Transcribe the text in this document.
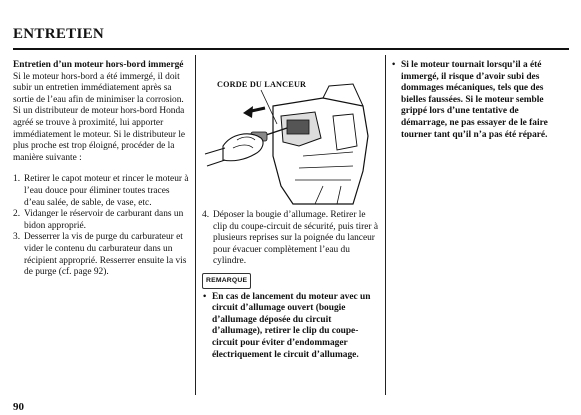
ENTRETIEN

Entretien d’un moteur hors-bord immergé

Si le moteur hors-bord a été immergé, il doit subir un entretien immédiatement après sa sortie de l’eau afin de minimiser la corrosion. Si un distributeur de moteur hors-bord Honda agréé se trouve à proximité, lui apporter immédiatement le moteur. Si le distributeur le plus proche est trop éloigné, procéder de la manière suivante :

1. Retirer le capot moteur et rincer le moteur à l’eau douce pour éliminer toutes traces d’eau salée, de sable, de vase, etc.
2. Vidanger le réservoir de carburant dans un bidon approprié.
3. Desserrer la vis de purge du carburateur et vider le contenu du carburateur dans un récipient approprié. Resserrer ensuite la vis de purge (cf. page 92).
CORDE DU LANCEUR
4. Déposer la bougie d’allumage. Retirer le clip du coupe-circuit de sécurité, puis tirer à plusieurs reprises sur la poignée du lanceur pour évacuer complètement l’eau du cylindre.
REMARQUE
• En cas de lancement du moteur avec un circuit d’allumage ouvert (bougie d’allumage déposée du circuit d’allumage), retirer le clip du coupe-circuit pour éviter d’endommager électriquement le circuit d’allumage.
• Si le moteur tournait lorsqu’il a été immergé, il risque d’avoir subi des dommages mécaniques, tels que des bielles faussées. Si le moteur semble grippé lors d’une tentative de démarrage, ne pas essayer de le faire tourner tant qu’il n’a pas été réparé.
90
